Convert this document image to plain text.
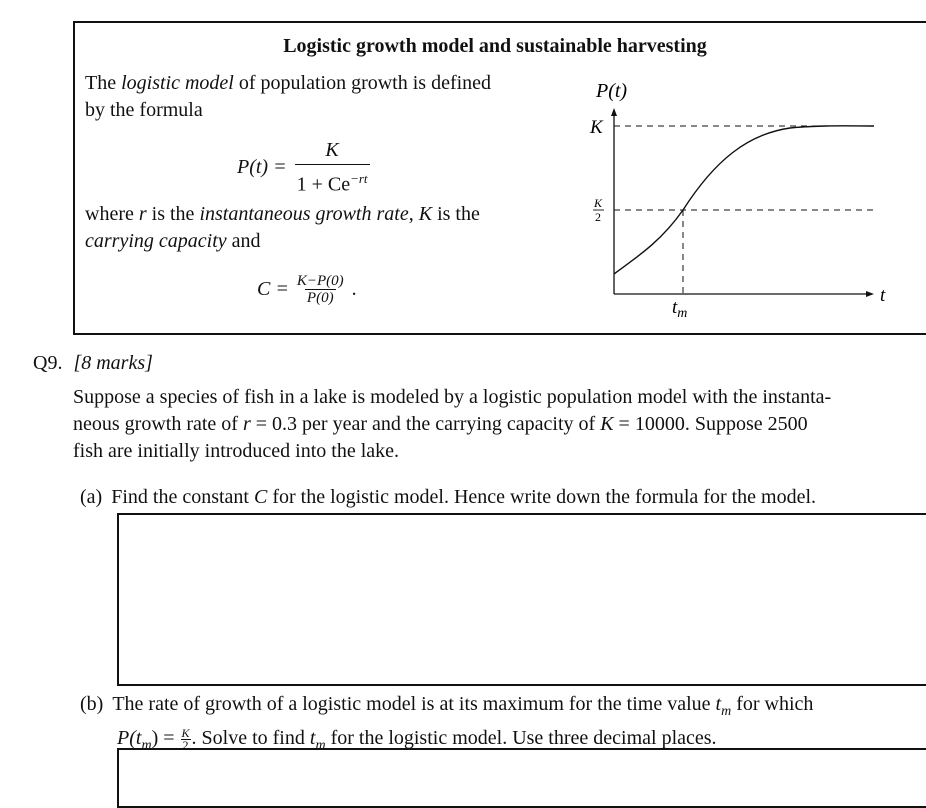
Logistic growth model and sustainable harvesting
The logistic model of population growth is defined
by the formula
$P(t) = \frac{K}{1 + Ce^{-rt}}$
where r is the instantaneous growth rate, K is the
carrying capacity and
$C = \frac{K-P(0)}{P(0)}$ .
P(t)
K
K
2
t
$t_m$
Q9. [8 marks]
Suppose a species of fish in a lake is modeled by a logistic population model with the instanta-
neous growth rate of r = 0.3 per year and the carrying capacity of K = 10000. Suppose 2500
fish are initially introduced into the lake.
(a) Find the constant C for the logistic model. Hence write down the formula for the model.
(b) The rate of growth of a logistic model is at its maximum for the time value $t_m$ for which
$P(t_m) = \frac{K}{2}$ . Solve to find $t_m$ for the logistic model. Use three decimal places.
